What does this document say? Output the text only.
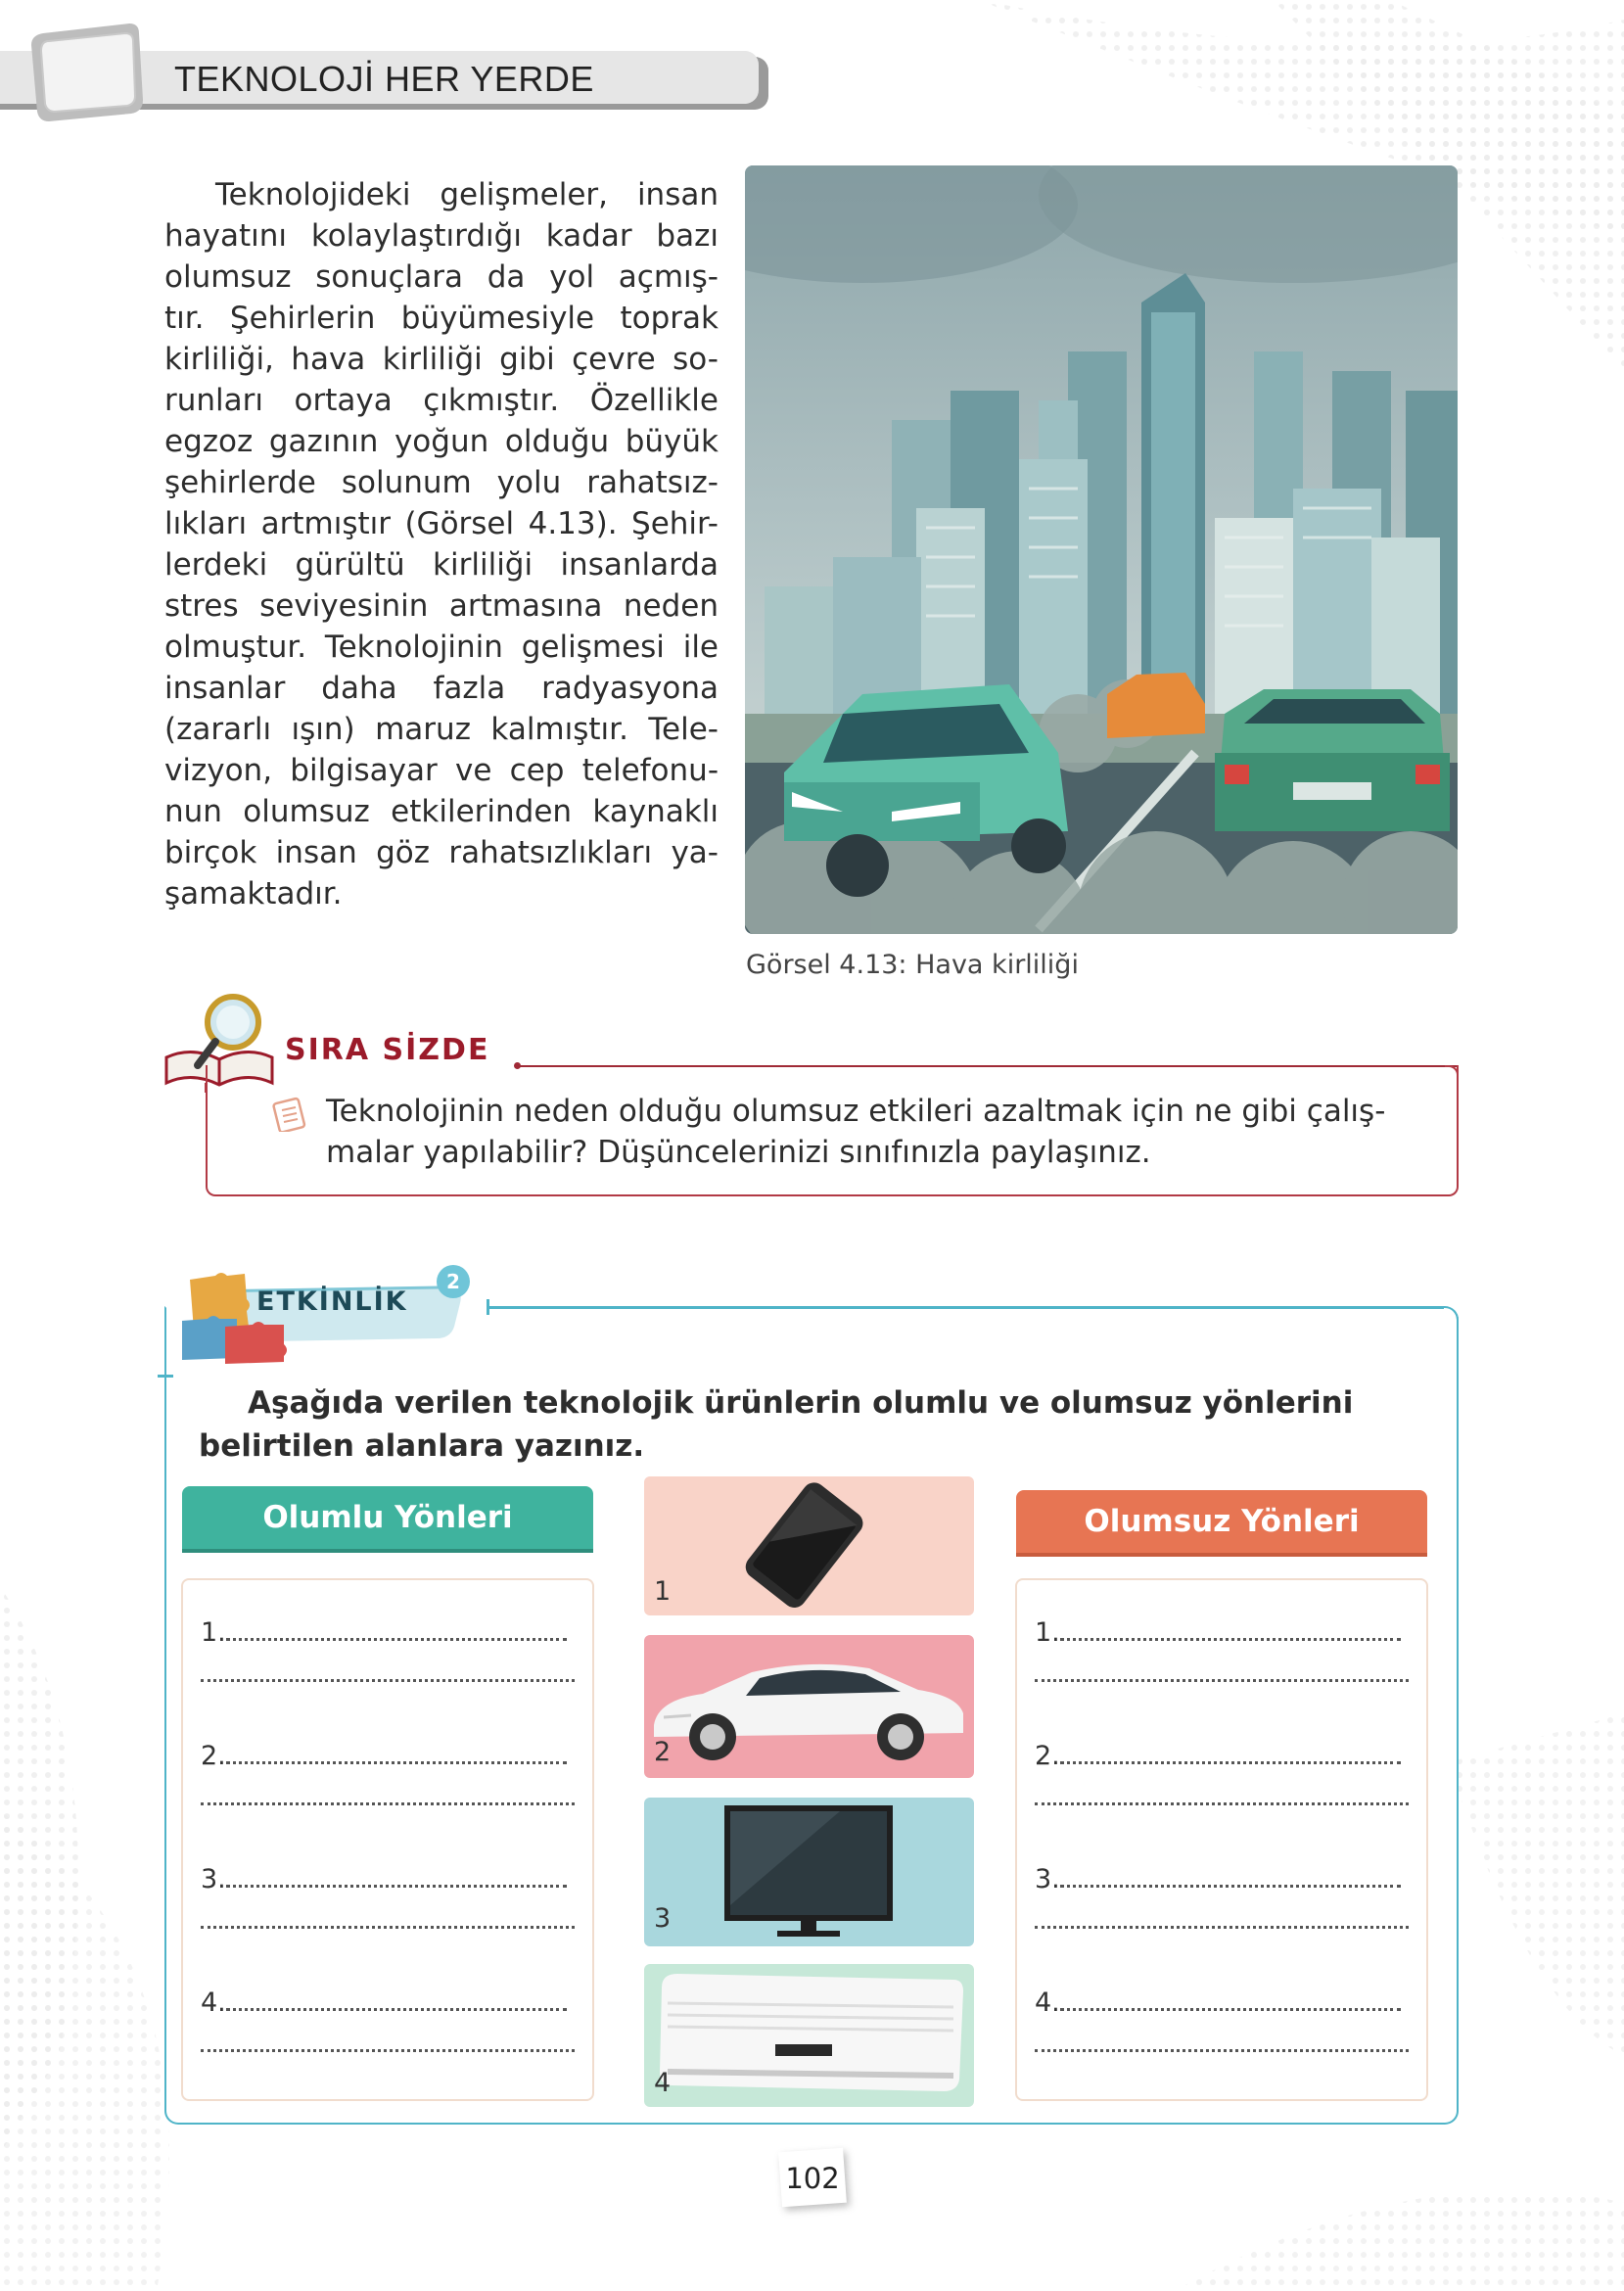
TEKNOLOJİ HER YERDE
Teknolojideki gelişmeler, insan
hayatını kolaylaştırdığı kadar bazı
olumsuz sonuçlara da yol açmış-
tır. Şehirlerin büyümesiyle toprak
kirliliği, hava kirliliği gibi çevre so-
runları ortaya çıkmıştır. Özellikle
egzoz gazının yoğun olduğu büyük
şehirlerde solunum yolu rahatsız-
lıkları artmıştır (Görsel 4.13). Şehir-
lerdeki gürültü kirliliği insanlarda
stres seviyesinin artmasına neden
olmuştur. Teknolojinin gelişmesi ile
insanlar daha fazla radyasyona
(zararlı ışın) maruz kalmıştır. Tele-
vizyon, bilgisayar ve cep telefonu-
nun olumsuz etkilerinden kaynaklı
birçok insan göz rahatsızlıkları ya-
şamaktadır.
Görsel 4.13: Hava kirliliği
SIRA SİZDE
Teknolojinin neden olduğu olumsuz etkileri azaltmak için ne gibi çalış-
malar yapılabilir? Düşüncelerinizi sınıfınızla paylaşınız.
ETKİNLİK
2
Aşağıda verilen teknolojik ürünlerin olumlu ve olumsuz yönlerini belirtilen alanlara yazınız.
Olumlu Yönleri	Olumsuz Yönleri
1.
2.
3.
4.
1.
2.
3.
4.
1
2
3
4
102
